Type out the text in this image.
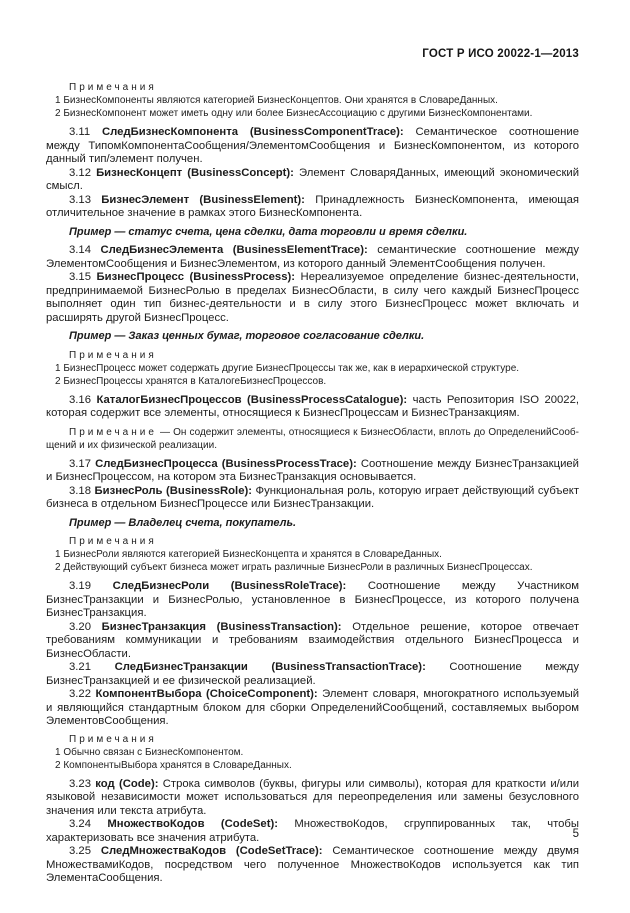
ГОСТ Р ИСО 20022-1—2013
Примечания
1 БизнесКомпоненты являются категорией БизнесКонцептов. Они хранятся в СловареДанных.
2 БизнесКомпонент может иметь одну или более БизнесАссоциацию с другими БизнесКомпонентами.

3.11 СледБизнесКомпонента (BusinessComponentTrace): Семантическое соотношение между ТипомКомпонентаСообщения/ЭлементомСообщения и БизнесКомпонентом, из которого данный тип/элемент получен.

3.12 БизнесКонцепт (BusinessConcept): Элемент СловаряДанных, имеющий экономический смысл.

3.13 БизнесЭлемент (BusinessElement): Принадлежность БизнесКомпонента, имеющая отличительное значение в рамках этого БизнесКомпонента.

Пример — статус счета, цена сделки, дата торговли и время сделки.

3.14 СледБизнесЭлемента (BusinessElementTrace): семантические соотношение между ЭлементомСообщения и БизнесЭлементом, из которого данный ЭлементСообщения получен.

3.15 БизнесПроцесс (BusinessProcess): Нереализуемое определение бизнес-деятельности, предпринимаемой БизнесРолью в пределах БизнесОбласти, в силу чего каждый БизнесПроцесс выполняет один тип бизнес-деятельности и в силу этого БизнесПроцесс может включать и расширять другой БизнесПроцесс.

Пример — Заказ ценных бумаг, торговое согласование сделки.

Примечания
1 БизнесПроцесс может содержать другие БизнесПроцессы так же, как в иерархической структуре.
2 БизнесПроцессы хранятся в КаталогеБизнесПроцессов.

3.16 КаталогБизнесПроцессов (BusinessProcessCatalogue): часть Репозитория ISO 20022, которая содержит все элементы, относящиеся к БизнесПроцессам и БизнесТранзакциям.

Примечание — Он содержит элементы, относящиеся к БизнесОбласти, вплоть до ОпределенийСообщений и их физической реализации.

3.17 СледБизнесПроцесса (BusinessProcessTrace): Соотношение между БизнесТранзакцией и БизнесПроцессом, на котором эта БизнесТранзакция основывается.

3.18 БизнесРоль (BusinessRole): Функциональная роль, которую играет действующий субъект бизнеса в отдельном БизнесПроцессе или БизнесТранзакции.

Пример — Владелец счета, покупатель.

Примечания
1 БизнесРоли являются категорией БизнесКонцепта и хранятся в СловареДанных.
2 Действующий субъект бизнеса может играть различные БизнесРоли в различных БизнесПроцессах.

3.19 СледБизнесРоли (BusinessRoleTrace): Соотношение между Участником БизнесТранзакции и БизнесРолью, установленное в БизнесПроцессе, из которого получена БизнесТранзакция.

3.20 БизнесТранзакция (BusinessTransaction): Отдельное решение, которое отвечает требованиям коммуникации и требованиям взаимодействия отдельного БизнесПроцесса и БизнесОбласти.

3.21 СледБизнесТранзакции (BusinessTransactionTrace): Соотношение между БизнесТранзакцией и ее физической реализацией.

3.22 КомпонентВыбора (ChoiceComponent): Элемент словаря, многократного используемый и являющийся стандартным блоком для сборки ОпределенийСообщений, составляемых выбором ЭлементовСообщения.

Примечания
1 Обычно связан с БизнесКомпонентом.
2 КомпонентыВыбора хранятся в СловареДанных.

3.23 код (Code): Строка символов (буквы, фигуры или символы), которая для краткости и/или языковой независимости может использоваться для переопределения или замены безусловного значения или текста атрибута.

3.24 МножествоКодов (CodeSet): МножествоКодов, сгруппированных так, чтобы характеризовать все значения атрибута.

3.25 СледМножестваКодов (CodeSetTrace): Семантическое соотношение между двумя МножествамиКодов, посредством чего полученное МножествоКодов используется как тип ЭлементаСообщения.

5
